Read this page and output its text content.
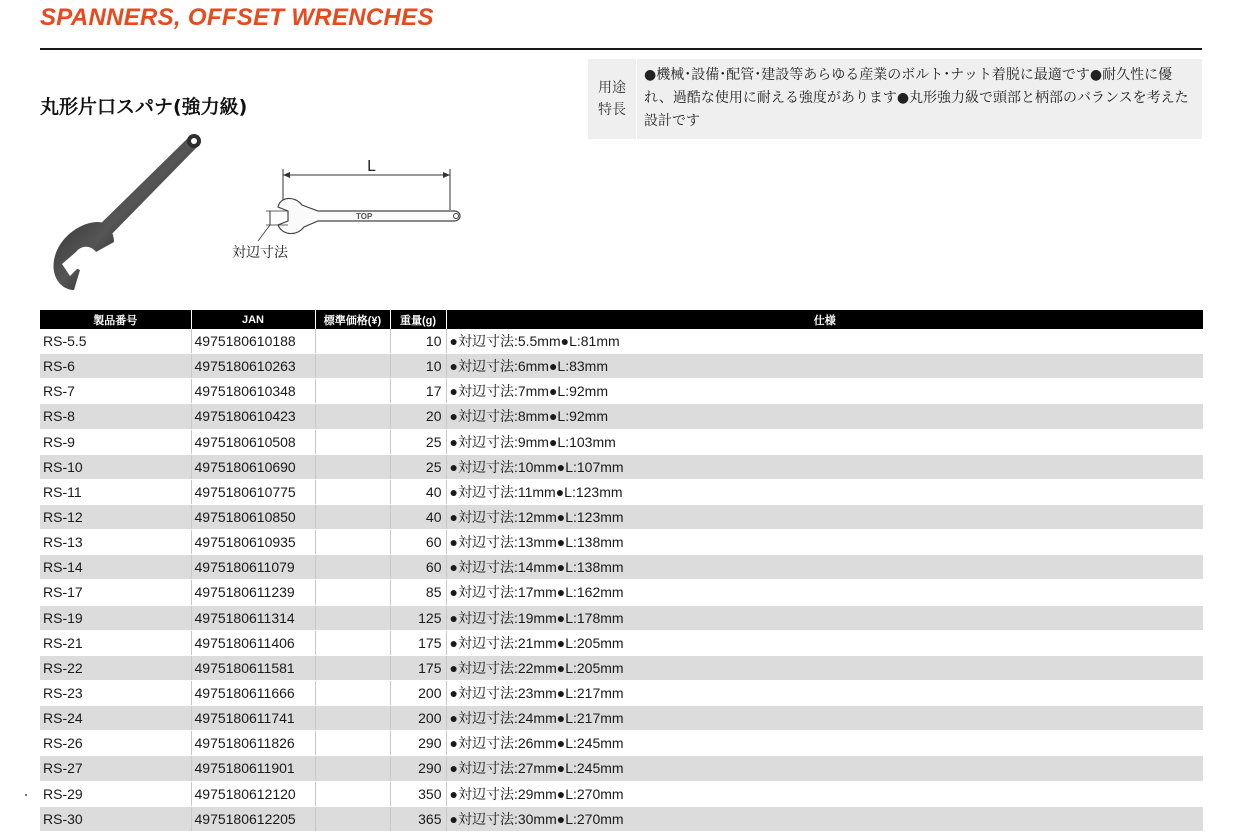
SPANNERS, OFFSET WRENCHES
丸形片口スパナ(強力級)
用途
特長
●機械･設備･配管･建設等あらゆる産業のボルト･ナット着脱に最適です●耐久性に優れ、過酷な使用に耐える強度があります●丸形強力級で頭部と柄部のバランスを考えた設計です
L
TOP
対辺寸法
製品番号	JAN	標準価格(¥)	重量(g)	仕様
RS-5.5	4975180610188		10	●対辺寸法:5.5mm●L:81mm
RS-6	4975180610263		10	●対辺寸法:6mm●L:83mm
RS-7	4975180610348		17	●対辺寸法:7mm●L:92mm
RS-8	4975180610423		20	●対辺寸法:8mm●L:92mm
RS-9	4975180610508		25	●対辺寸法:9mm●L:103mm
RS-10	4975180610690		25	●対辺寸法:10mm●L:107mm
RS-11	4975180610775		40	●対辺寸法:11mm●L:123mm
RS-12	4975180610850		40	●対辺寸法:12mm●L:123mm
RS-13	4975180610935		60	●対辺寸法:13mm●L:138mm
RS-14	4975180611079		60	●対辺寸法:14mm●L:138mm
RS-17	4975180611239		85	●対辺寸法:17mm●L:162mm
RS-19	4975180611314		125	●対辺寸法:19mm●L:178mm
RS-21	4975180611406		175	●対辺寸法:21mm●L:205mm
RS-22	4975180611581		175	●対辺寸法:22mm●L:205mm
RS-23	4975180611666		200	●対辺寸法:23mm●L:217mm
RS-24	4975180611741		200	●対辺寸法:24mm●L:217mm
RS-26	4975180611826		290	●対辺寸法:26mm●L:245mm
RS-27	4975180611901		290	●対辺寸法:27mm●L:245mm
RS-29	4975180612120		350	●対辺寸法:29mm●L:270mm
RS-30	4975180612205		365	●対辺寸法:30mm●L:270mm
